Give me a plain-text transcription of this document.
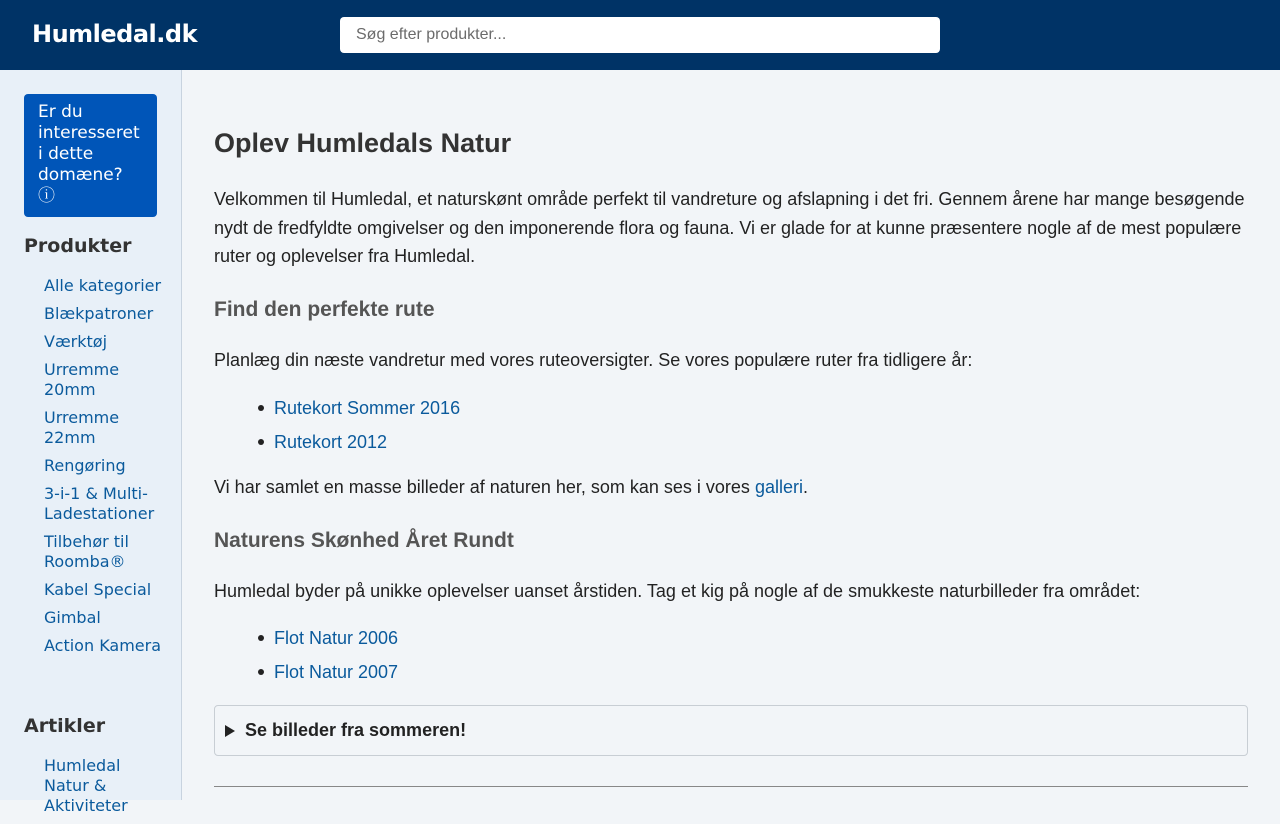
Humledal.dk
Søg efter produkter...
Er du interesseret i dette domæne?
ⓘ
Produkter
Alle kategorier
Blækpatroner
Værktøj
Urremme 20mm
Urremme 22mm
Rengøring
3-i-1 & Multi-Ladestationer
Tilbehør til Roomba®
Kabel Special
Gimbal
Action Kamera
Artikler
Humledal Natur & Aktiviteter
Oplev Humledals Natur

Velkommen til Humledal, et naturskønt område perfekt til vandreture og afslapning i det fri. Gennem årene har mange besøgende nydt de fredfyldte omgivelser og den imponerende flora og fauna. Vi er glade for at kunne præsentere nogle af de mest populære ruter og oplevelser fra Humledal.

Find den perfekte rute

Planlæg din næste vandretur med vores ruteoversigter. Se vores populære ruter fra tidligere år:

Rutekort Sommer 2016
Rutekort 2012

Vi har samlet en masse billeder af naturen her, som kan ses i vores galleri.

Naturens Skønhed Året Rundt

Humledal byder på unikke oplevelser uanset årstiden. Tag et kig på nogle af de smukkeste naturbilleder fra området:

Flot Natur 2006
Flot Natur 2007
Se billeder fra sommeren!
